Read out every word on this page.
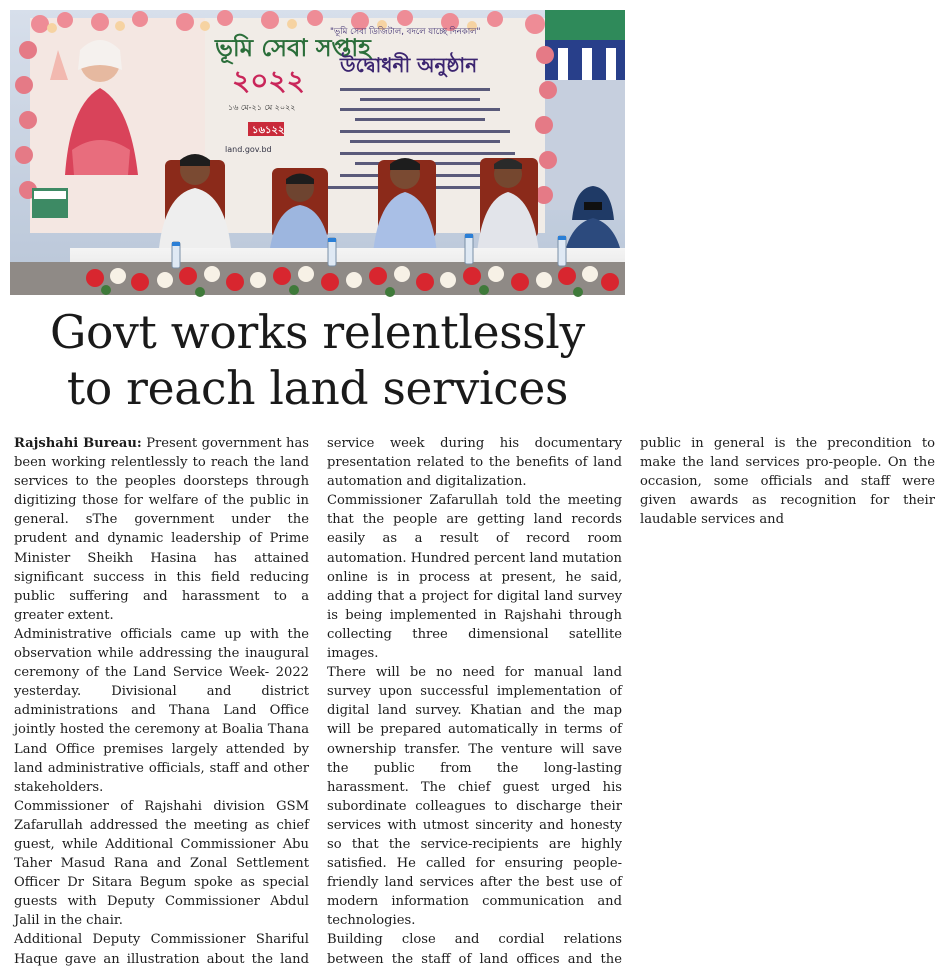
ভূমি সেবা সপ্তাহ
২০২২
১৬ মে-২১ মে ২০২২
১৬১২২
land.gov.bd
"ভূমি সেবা ডিজিটাল, বদলে যাচ্ছে দিনকাল"
উদ্বোধনী অনুষ্ঠান
Govt works relentlessly
to reach land services

Rajshahi Bureau: Present government has been working relentlessly to reach the land services to the peoples doorsteps through digitizing those for welfare of the public in general. sThe government under the prudent and dynamic leadership of Prime Minister Sheikh Hasina has attained significant success in this field reducing public suffering and harassment to a greater extent.

Administrative officials came up with the observation while addressing the inaugural ceremony of the Land Service Week- 2022 yesterday. Divisional and district administrations and Thana Land Office jointly hosted the ceremony at Boalia Thana Land Office premises largely attended by land administrative officials, staff and other stakeholders.

Commissioner of Rajshahi division GSM Zafarullah addressed the meeting as chief guest, while Additional Commissioner Abu Taher Masud Rana and Zonal Settlement Officer Dr Sitara Begum spoke as special guests with Deputy Commissioner Abdul Jalil in the chair.

Additional Deputy Commissioner Shariful Haque gave an illustration about the land service week during his documentary presentation related to the benefits of land automation and digitalization.

Commissioner Zafarullah told the meeting that the people are getting land records easily as a result of record room automation. Hundred percent land mutation online is in process at present, he said, adding that a project for digital land survey is being implemented in Rajshahi through collecting three dimensional satellite images.

There will be no need for manual land survey upon successful implementation of digital land survey. Khatian and the map will be prepared automatically in terms of ownership transfer. The venture will save the public from the long-lasting harassment. The chief guest urged his subordinate colleagues to discharge their services with utmost sincerity and honesty so that the service-recipients are highly satisfied. He called for ensuring people-friendly land services after the best use of modern information communication and technologies.

Building close and cordial relations between the staff of land offices and the public in general is the precondition to make the land services pro-people. On the occasion, some officials and staff were given awards as recognition for their laudable services and
